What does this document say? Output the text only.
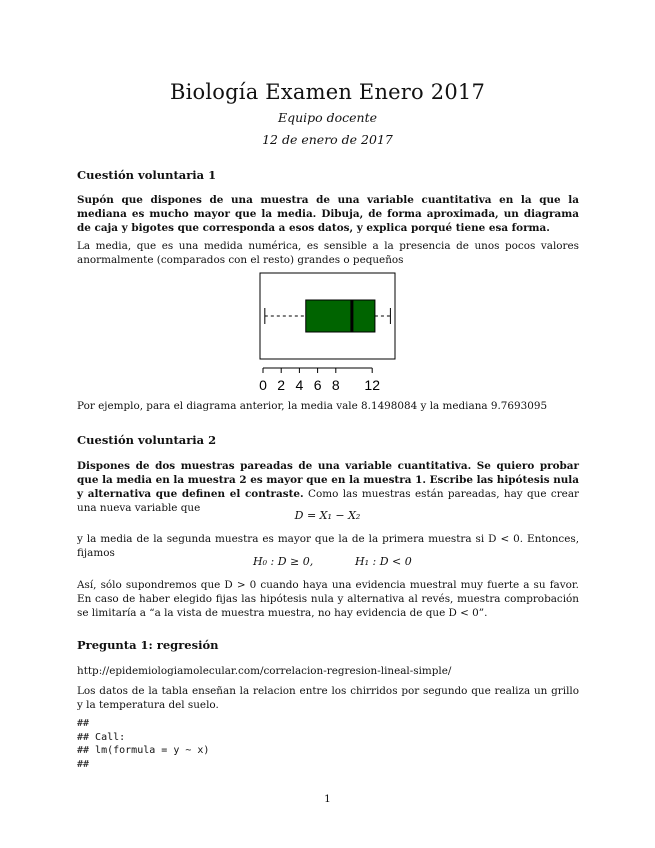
Biología Examen Enero 2017
Equipo docente
12 de enero de 2017
Cuestión voluntaria 1
Supón que dispones de una muestra de una variable cuantitativa en la que la mediana es mucho mayor que la media. Dibuja, de forma aproximada, un diagrama de caja y bigotes que corresponda a esos datos, y explica porqué tiene esa forma.
La media, que es una medida numérica, es sensible a la presencia de unos pocos valores anormalmente (comparados con el resto) grandes o pequeños
0 2 4 6 8 12
Por ejemplo, para el diagrama anterior, la media vale 8.1498084 y la mediana 9.7693095
Cuestión voluntaria 2
Dispones de dos muestras pareadas de una variable cuantitativa. Se quiero probar que la media en la muestra 2 es mayor que en la muestra 1. Escribe las hipótesis nula y alternativa que definen el contraste. Como las muestras están pareadas, hay que crear una nueva variable que
D = X₁ − X₂
y la media de la segunda muestra es mayor que la de la primera muestra si D < 0. Entonces, fijamos
H₀ : D ≥ 0,	H₁ : D < 0
Así, sólo supondremos que D > 0 cuando haya una evidencia muestral muy fuerte a su favor. En caso de haber elegido fijas las hipótesis nula y alternativa al revés, muestra comprobación se limitaría a “a la vista de muestra muestra, no hay evidencia de que D < 0”.
Pregunta 1: regresión
http://epidemiologiamolecular.com/correlacion-regresion-lineal-simple/
Los datos de la tabla enseñan la relacion entre los chirridos por segundo que realiza un grillo y la temperatura del suelo.
##
## Call:
## lm(formula = y ~ x)
##
1
